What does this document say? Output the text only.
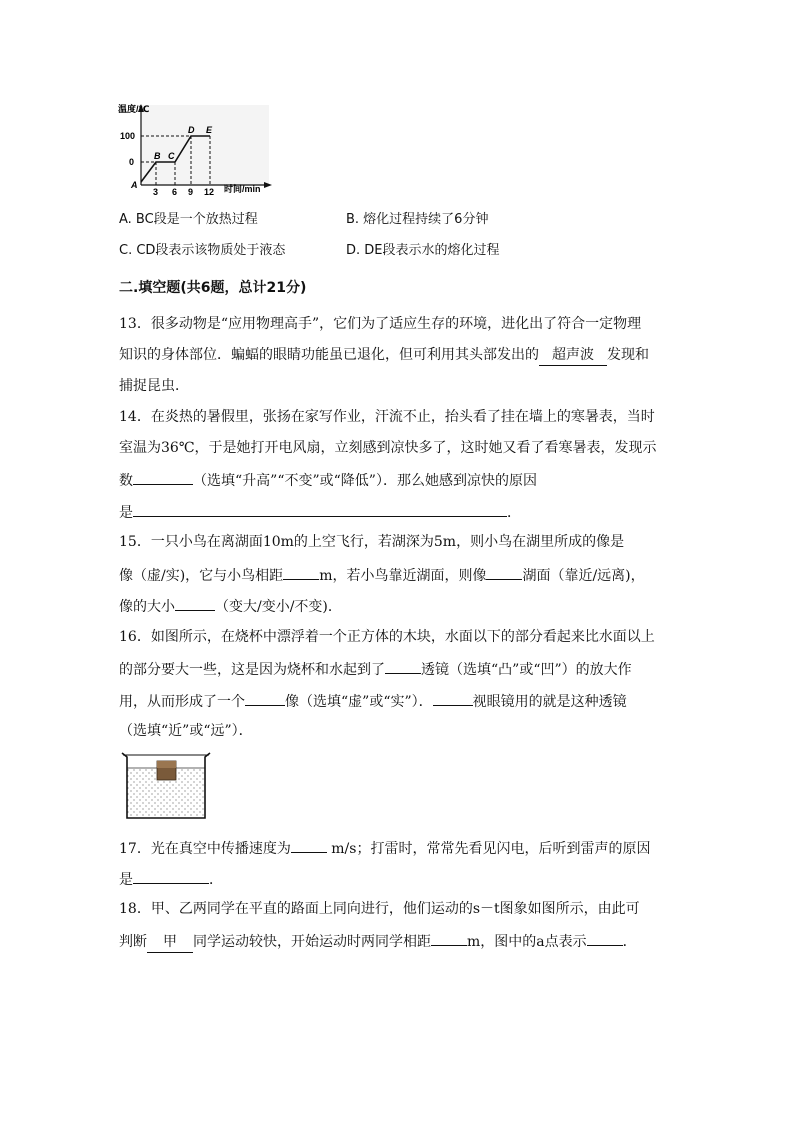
温度/℃
100
0
3 6 9 12 时间/min
A
B C
D E
A. BC段是一个放热过程	B. 熔化过程持续了6分钟
C. CD段表示该物质处于液态	D. DE段表示水的熔化过程
二.填空题(共6题，总计21分)
13．很多动物是“应用物理高手”，它们为了适应生存的环境，进化出了符合一定物理
知识的身体部位．蝙蝠的眼睛功能虽已退化，但可利用其头部发出的 超声波 发现和
捕捉昆虫．
14．在炎热的暑假里，张扬在家写作业，汗流不止，抬头看了挂在墙上的寒暑表，当时
室温为36℃，于是她打开电风扇，立刻感到凉快多了，这时她又看了看寒暑表，发现示
数	（选填“升高”“不变”或“降低”）．那么她感到凉快的原因
是	．
15．一只小鸟在离湖面10m的上空飞行，若湖深为5m，则小鸟在湖里所成的像是
像（虚/实)，它与小鸟相距	m，若小鸟靠近湖面，则像	湖面（靠近/远离)，
像的大小	（变大/变小/不变)．
16．如图所示，在烧杯中漂浮着一个正方体的木块，水面以下的部分看起来比水面以上
的部分要大一些，这是因为烧杯和水起到了	透镜（选填“凸”或“凹”）的放大作
用，从而形成了一个	像（选填“虚”或“实”）．	视眼镜用的就是这种透镜
（选填“近”或“远”）．
17．光在真空中传播速度为	m/s；打雷时，常常先看见闪电，后听到雷声的原因
是	．
18．甲、乙两同学在平直的路面上同向进行，他们运动的s－t图象如图所示，由此可
判断 甲 同学运动较快，开始运动时两同学相距	m，图中的a点表示	．
